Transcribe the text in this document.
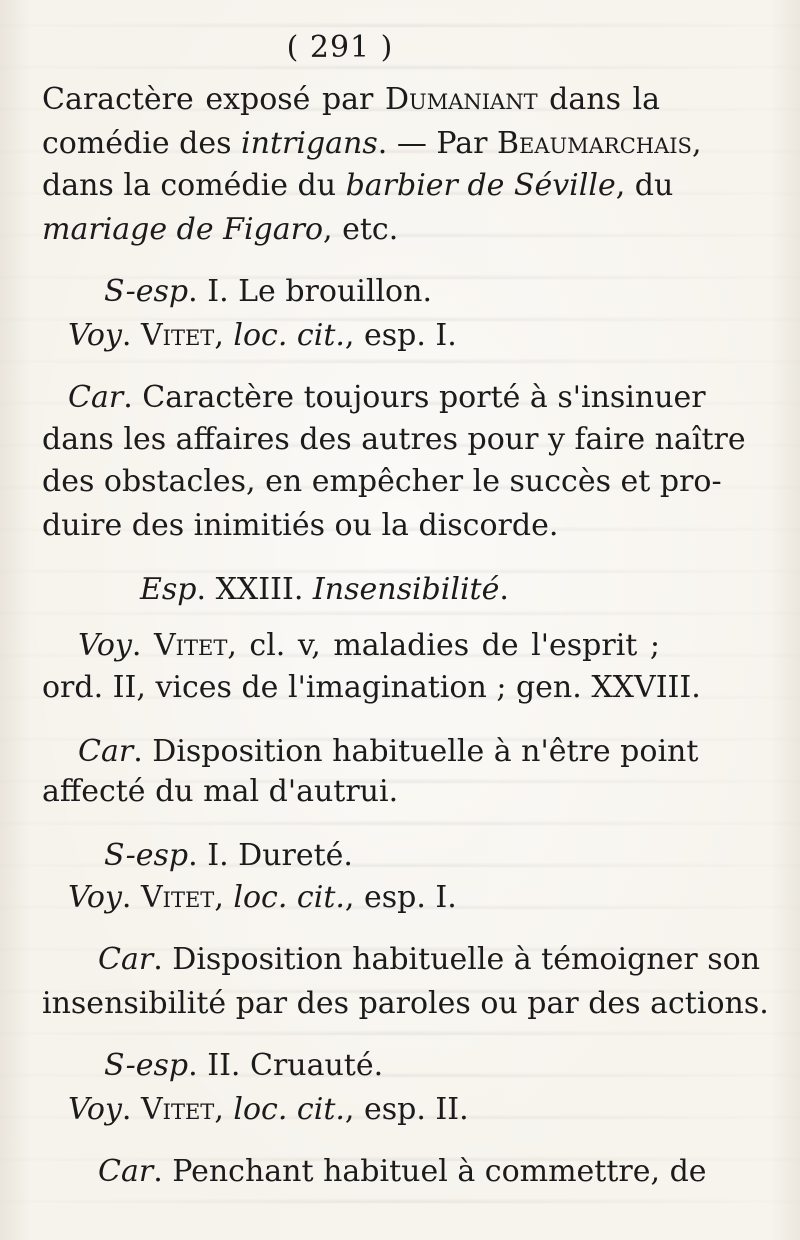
( 291 )
Caractère exposé par Dumaniant dans la
comédie des intrigans. — Par Beaumarchais,
dans la comédie du barbier de Séville, du
mariage de Figaro, etc.
S-esp. I. Le brouillon.
Voy. Vitet, loc. cit., esp. I.
Car. Caractère toujours porté à s'insinuer
dans les affaires des autres pour y faire naître
des obstacles, en empêcher le succès et pro-
duire des inimitiés ou la discorde.
Esp. XXIII. Insensibilité.
Voy. Vitet, cl. v, maladies de l'esprit ;
ord. II, vices de l'imagination ; gen. XXVIII.
Car. Disposition habituelle à n'être point
affecté du mal d'autrui.
S-esp. I. Dureté.
Voy. Vitet, loc. cit., esp. I.
Car. Disposition habituelle à témoigner son
insensibilité par des paroles ou par des actions.
S-esp. II. Cruauté.
Voy. Vitet, loc. cit., esp. II.
Car. Penchant habituel à commettre, de
